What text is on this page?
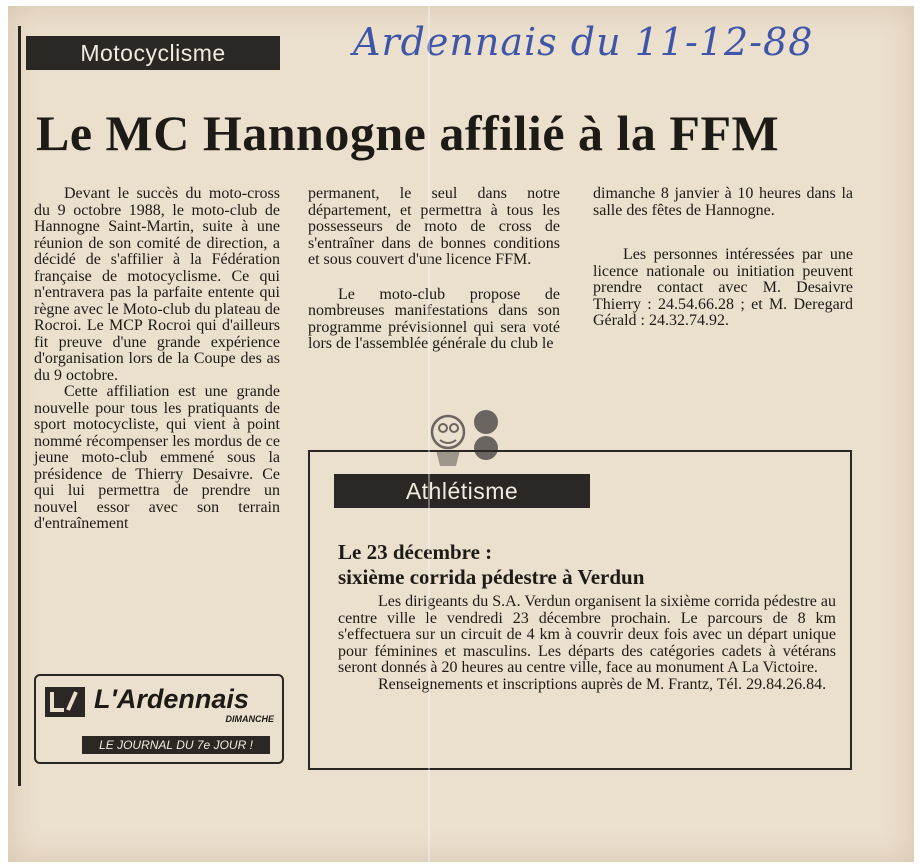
Motocyclisme	Ardennais du 11-12-88
Le MC Hannogne affilié à la FFM

Devant le succès du moto-cross du 9 octobre 1988, le moto-club de Hannogne Saint-Martin, suite à une réunion de son comité de direction, a décidé de s'affilier à la Fédération française de motocyclisme. Ce qui n'entravera pas la parfaite entente qui règne avec le Moto-club du plateau de Rocroi. Le MCP Rocroi qui d'ailleurs fit preuve d'une grande expérience d'organisation lors de la Coupe des as du 9 octobre.

Cette affiliation est une grande nouvelle pour tous les pratiquants de sport motocycliste, qui vient à point nommé récompenser les mordus de ce jeune moto-club emmené sous la présidence de Thierry Desaivre. Ce qui lui permettra de prendre un nouvel essor avec son terrain d'entraînement

permanent, le seul dans notre département, et permettra à tous les possesseurs de moto de cross de s'entraîner dans de bonnes conditions et sous couvert d'une licence FFM.

Le moto-club propose de nombreuses manifestations dans son programme prévisionnel qui sera voté lors de l'assemblée générale du club le

dimanche 8 janvier à 10 heures dans la salle des fêtes de Hannogne.

Les personnes intéressées par une licence nationale ou initiation peuvent prendre contact avec M. Desaivre Thierry : 24.54.66.28 ; et M. Deregard Gérald : 24.32.74.92.

Athlétisme
Le 23 décembre :
sixième corrida pédestre à Verdun

Les dirigeants du S.A. Verdun organisent la sixième corrida pédestre au centre ville le vendredi 23 décembre prochain. Le parcours de 8 km s'effectuera sur un circuit de 4 km à couvrir deux fois avec un départ unique pour féminines et masculins. Les départs des catégories cadets à vétérans seront donnés à 20 heures au centre ville, face au monument A La Victoire.

Renseignements et inscriptions auprès de M. Frantz, Tél. 29.84.26.84.

L'Ardennais
DIMANCHE
LE JOURNAL DU 7e JOUR !
